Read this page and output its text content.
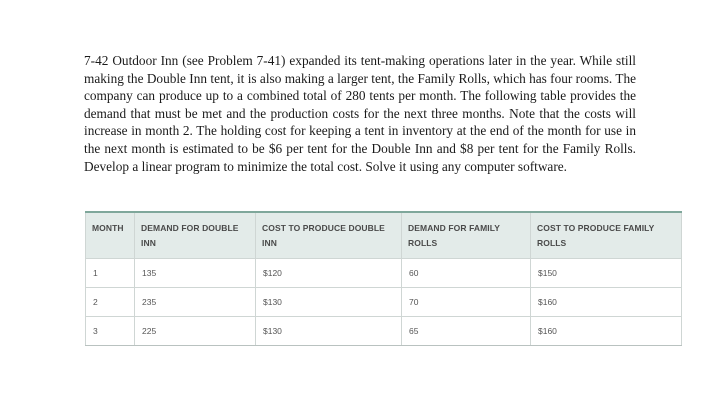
7-42 Outdoor Inn (see Problem 7-41) expanded its tent-making operations later in the year. While still making the Double Inn tent, it is also making a larger tent, the Family Rolls, which has four rooms. The company can produce up to a combined total of 280 tents per month. The following table provides the demand that must be met and the production costs for the next three months. Note that the costs will increase in month 2. The holding cost for keeping a tent in inventory at the end of the month for use in the next month is estimated to be $6 per tent for the Double Inn and $8 per tent for the Family Rolls. Develop a linear program to minimize the total cost. Solve it using any computer software.

MONTH	DEMAND FOR DOUBLE INN	COST TO PRODUCE DOUBLE INN	DEMAND FOR FAMILY ROLLS	COST TO PRODUCE FAMILY ROLLS
1	135	$120	60	$150
2	235	$130	70	$160
3	225	$130	65	$160
